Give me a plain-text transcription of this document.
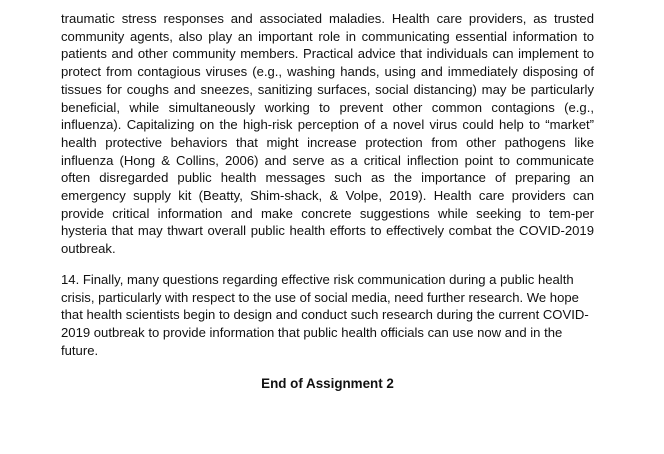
traumatic stress responses and associated maladies. Health care providers, as trusted community agents, also play an important role in communicating essential information to patients and other community members. Practical advice that individuals can implement to protect from contagious viruses (e.g., washing hands, using and immediately disposing of tissues for coughs and sneezes, sanitizing surfaces, social distancing) may be particularly beneficial, while simultaneously working to prevent other common contagions (e.g., influenza). Capitalizing on the high-risk perception of a novel virus could help to “market” health protective behaviors that might increase protection from other pathogens like influenza (Hong & Collins, 2006) and serve as a critical inflection point to communicate often disregarded public health messages such as the importance of preparing an emergency supply kit (Beatty, Shim-shack, & Volpe, 2019). Health care providers can provide critical information and make concrete suggestions while seeking to tem-per hysteria that may thwart overall public health efforts to effectively combat the COVID-2019 outbreak.

14. Finally, many questions regarding effective risk communication during a public health crisis, particularly with respect to the use of social media, need further research. We hope that health scientists begin to design and conduct such research during the current COVID-2019 outbreak to provide information that public health officials can use now and in the future.

End of Assignment 2
